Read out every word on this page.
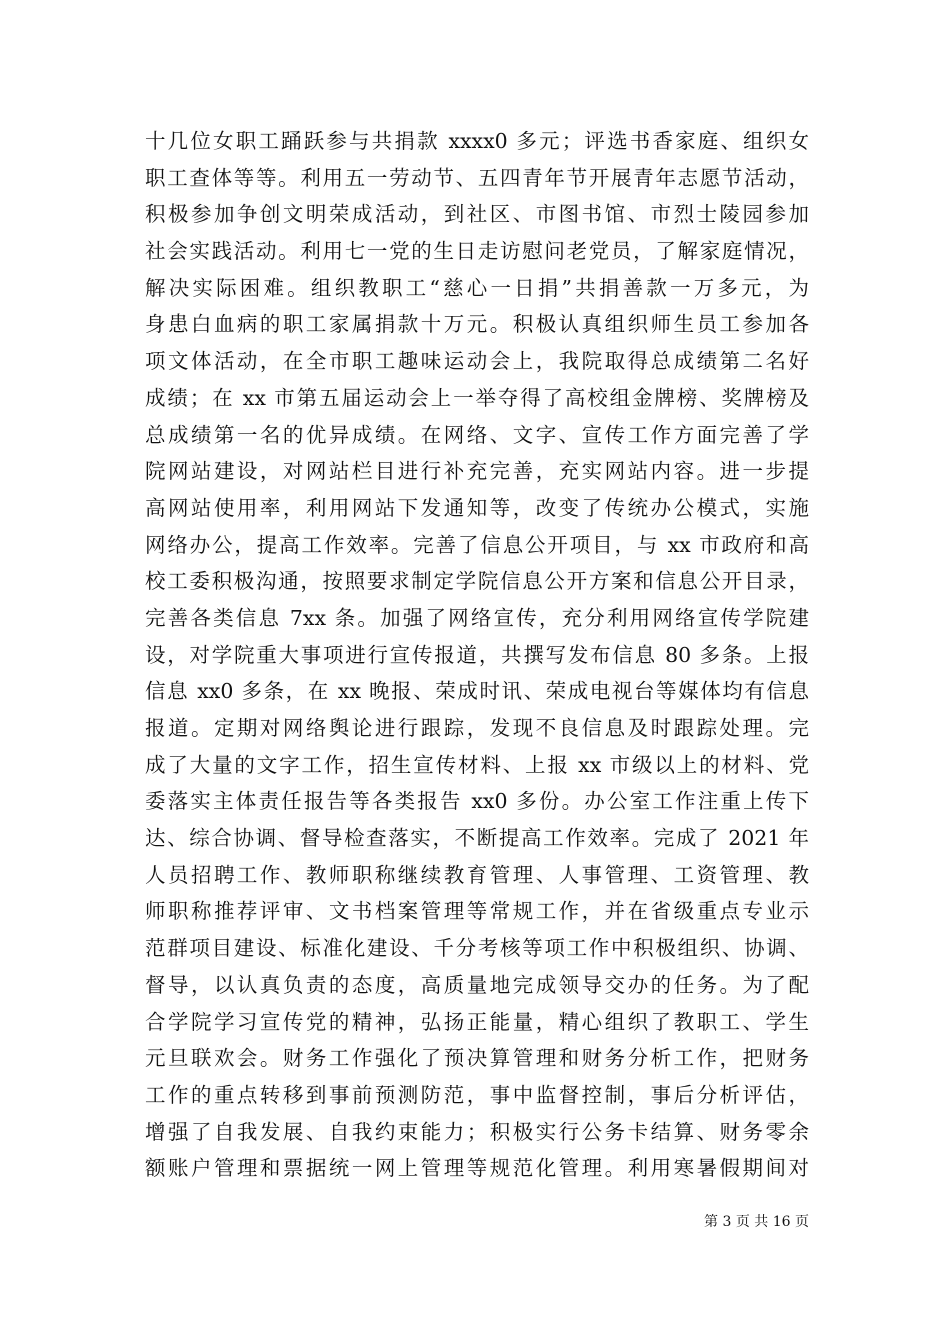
十几位女职工踊跃参与共捐款 xxxx0 多元；评选书香家庭、组织女
职工查体等等。利用五一劳动节、五四青年节开展青年志愿节活动，
积极参加争创文明荣成活动，到社区、市图书馆、市烈士陵园参加
社会实践活动。利用七一党的生日走访慰问老党员，了解家庭情况，
解决实际困难。组织教职工“慈心一日捐”共捐善款一万多元，为
身患白血病的职工家属捐款十万元。积极认真组织师生员工参加各
项文体活动，在全市职工趣味运动会上，我院取得总成绩第二名好
成绩；在 xx 市第五届运动会上一举夺得了高校组金牌榜、奖牌榜及
总成绩第一名的优异成绩。在网络、文字、宣传工作方面完善了学
院网站建设，对网站栏目进行补充完善，充实网站内容。进一步提
高网站使用率，利用网站下发通知等，改变了传统办公模式，实施
网络办公，提高工作效率。完善了信息公开项目，与 xx 市政府和高
校工委积极沟通，按照要求制定学院信息公开方案和信息公开目录，
完善各类信息 7xx 条。加强了网络宣传，充分利用网络宣传学院建
设，对学院重大事项进行宣传报道，共撰写发布信息 80 多条。上报
信息 xx0 多条，在 xx 晚报、荣成时讯、荣成电视台等媒体均有信息
报道。定期对网络舆论进行跟踪，发现不良信息及时跟踪处理。完
成了大量的文字工作，招生宣传材料、上报 xx 市级以上的材料、党
委落实主体责任报告等各类报告 xx0 多份。办公室工作注重上传下
达、综合协调、督导检查落实，不断提高工作效率。完成了 2021 年
人员招聘工作、教师职称继续教育管理、人事管理、工资管理、教
师职称推荐评审、文书档案管理等常规工作，并在省级重点专业示
范群项目建设、标准化建设、千分考核等项工作中积极组织、协调、
督导，以认真负责的态度，高质量地完成领导交办的任务。为了配
合学院学习宣传党的精神，弘扬正能量，精心组织了教职工、学生
元旦联欢会。财务工作强化了预决算管理和财务分析工作，把财务
工作的重点转移到事前预测防范，事中监督控制，事后分析评估，
增强了自我发展、自我约束能力；积极实行公务卡结算、财务零余
额账户管理和票据统一网上管理等规范化管理。利用寒暑假期间对
第 3 页 共 16 页
